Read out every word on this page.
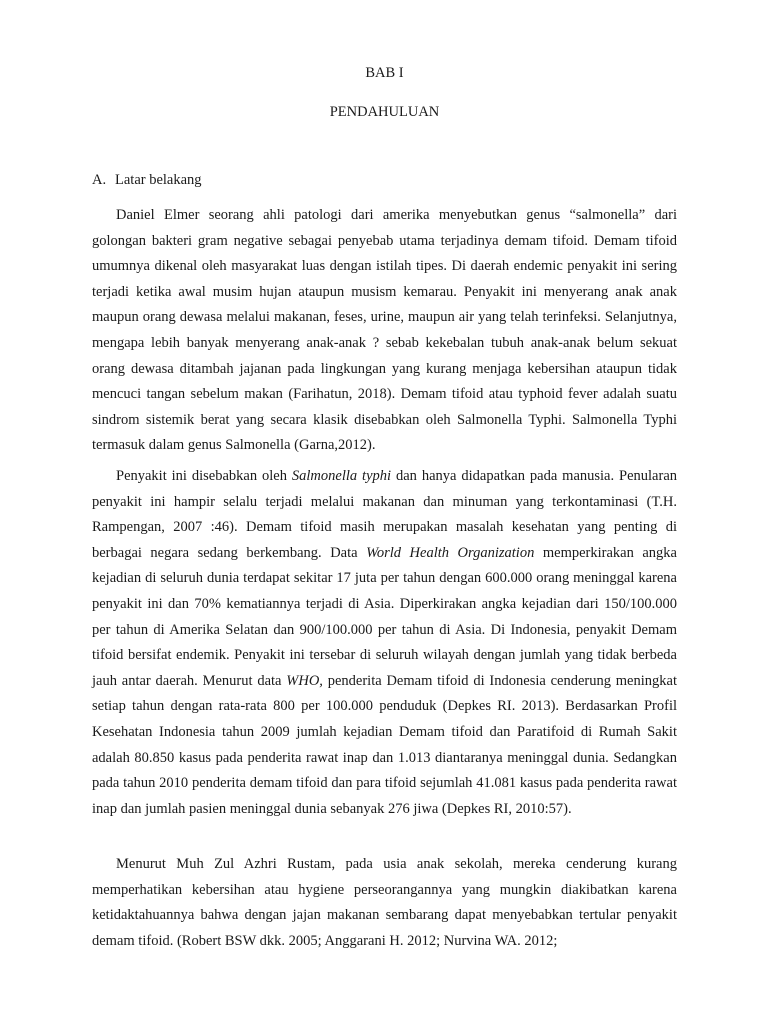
BAB I
PENDAHULUAN
A. Latar belakang

Daniel Elmer seorang ahli patologi dari amerika menyebutkan genus “salmonella” dari golongan bakteri gram negative sebagai penyebab utama terjadinya demam tifoid. Demam tifoid umumnya dikenal oleh masyarakat luas dengan istilah tipes. Di daerah endemic penyakit ini sering terjadi ketika awal musim hujan ataupun musism kemarau. Penyakit ini menyerang anak anak maupun orang dewasa melalui makanan, feses, urine, maupun air yang telah terinfeksi. Selanjutnya, mengapa lebih banyak menyerang anak-anak ? sebab kekebalan tubuh anak-anak belum sekuat orang dewasa ditambah jajanan pada lingkungan yang kurang menjaga kebersihan ataupun tidak mencuci tangan sebelum makan (Farihatun, 2018). Demam tifoid atau typhoid fever adalah suatu sindrom sistemik berat yang secara klasik disebabkan oleh Salmonella Typhi. Salmonella Typhi termasuk dalam genus Salmonella (Garna,2012).

Penyakit ini disebabkan oleh Salmonella typhi dan hanya didapatkan pada manusia. Penularan penyakit ini hampir selalu terjadi melalui makanan dan minuman yang terkontaminasi (T.H. Rampengan, 2007 :46). Demam tifoid masih merupakan masalah kesehatan yang penting di berbagai negara sedang berkembang. Data World Health Organization memperkirakan angka kejadian di seluruh dunia terdapat sekitar 17 juta per tahun dengan 600.000 orang meninggal karena penyakit ini dan 70% kematiannya terjadi di Asia. Diperkirakan angka kejadian dari 150/100.000 per tahun di Amerika Selatan dan 900/100.000 per tahun di Asia. Di Indonesia, penyakit Demam tifoid bersifat endemik. Penyakit ini tersebar di seluruh wilayah dengan jumlah yang tidak berbeda jauh antar daerah. Menurut data WHO, penderita Demam tifoid di Indonesia cenderung meningkat setiap tahun dengan rata-rata 800 per 100.000 penduduk (Depkes RI. 2013). Berdasarkan Profil Kesehatan Indonesia tahun 2009 jumlah kejadian Demam tifoid dan Paratifoid di Rumah Sakit adalah 80.850 kasus pada penderita rawat inap dan 1.013 diantaranya meninggal dunia. Sedangkan pada tahun 2010 penderita demam tifoid dan para tifoid sejumlah 41.081 kasus pada penderita rawat inap dan jumlah pasien meninggal dunia sebanyak 276 jiwa (Depkes RI, 2010:57).

Menurut Muh Zul Azhri Rustam, pada usia anak sekolah, mereka cenderung kurang memperhatikan kebersihan atau hygiene perseorangannya yang mungkin diakibatkan karena ketidaktahuannya bahwa dengan jajan makanan sembarang dapat menyebabkan tertular penyakit demam tifoid. (Robert BSW dkk. 2005; Anggarani H. 2012; Nurvina WA. 2012;
